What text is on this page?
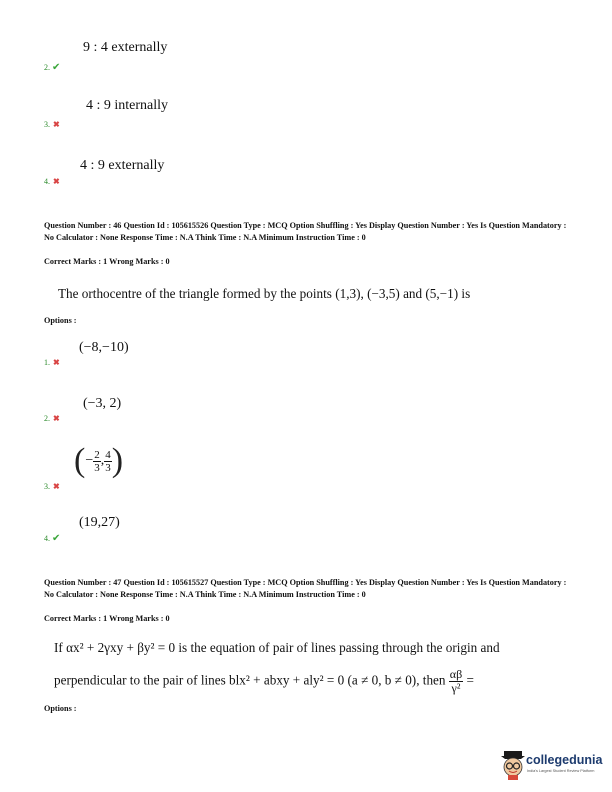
9 : 4 externally
2. ✔
4 : 9 internally
3. ✖
4 : 9 externally
4. ✖
Question Number : 46 Question Id : 105615526 Question Type : MCQ Option Shuffling : Yes Display Question Number : Yes Is Question Mandatory : No Calculator : None Response Time : N.A Think Time : N.A Minimum Instruction Time : 0
Correct Marks : 1 Wrong Marks : 0
The orthocentre of the triangle formed by the points (1,3), (−3,5) and (5,−1) is
Options :
(−8,−10)
1. ✖
(−3, 2)
2. ✖
(− $\frac{2}{3}$ , $\frac{4}{3}$ )
3. ✖
(19,27)
4. ✔
Question Number : 47 Question Id : 105615527 Question Type : MCQ Option Shuffling : Yes Display Question Number : Yes Is Question Mandatory : No Calculator : None Response Time : N.A Think Time : N.A Minimum Instruction Time : 0
Correct Marks : 1 Wrong Marks : 0
If αx² + 2γxy + βy² = 0 is the equation of pair of lines passing through the origin and
perpendicular to the pair of lines blx² + abxy + aly² = 0 (a ≠ 0, b ≠ 0), then $\frac{\alpha\beta}{\text{γ²}}$ =
Options :
collegedunia
India's Largest Student Review Platform
